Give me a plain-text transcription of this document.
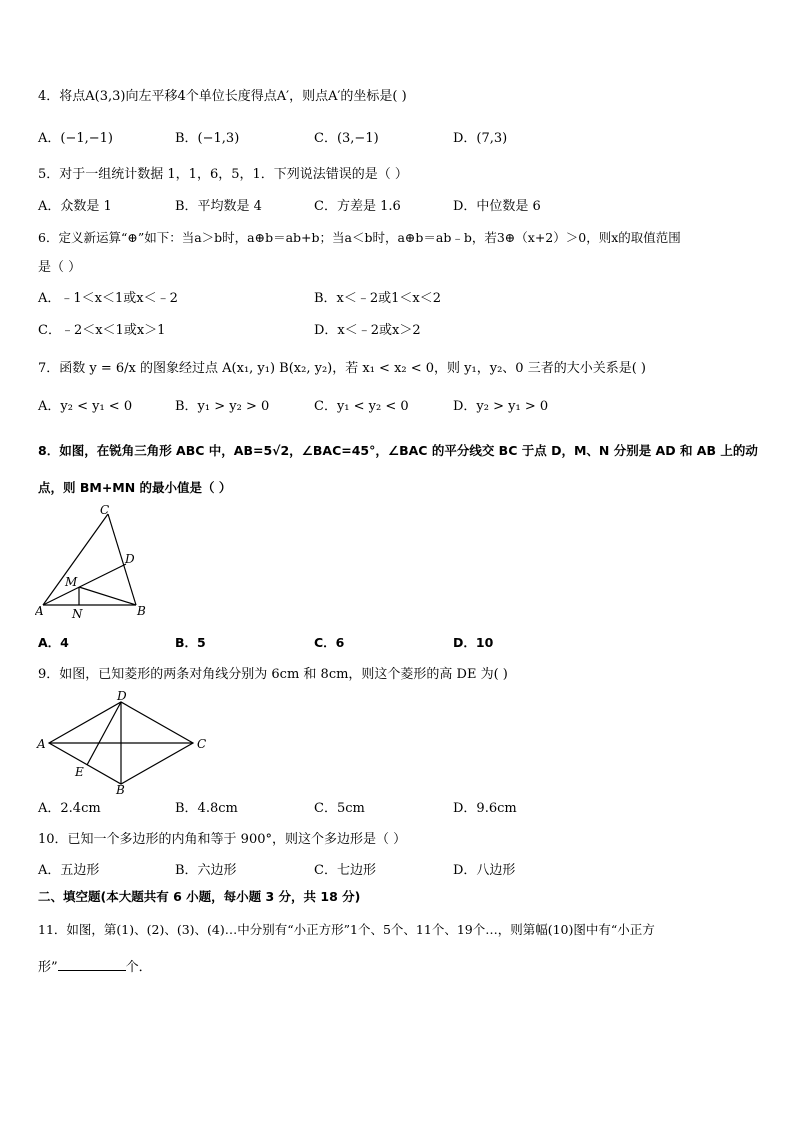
4．将点A(3,3)向左平移4个单位长度得点A′，则点A′的坐标是( )
A．(−1,−1)	B．(−1,3)	C．(3,−1)	D．(7,3)
5．对于一组统计数据 1，1，6，5，1．下列说法错误的是（ ）
A．众数是 1	B．平均数是 4	C．方差是 1.6	D．中位数是 6
6．定义新运算“⊕”如下：当a＞b时，a⊕b＝ab+b；当a＜b时，a⊕b＝ab﹣b，若3⊕（x+2）＞0，则x的取值范围
是（ ）
A．﹣1＜x＜1或x＜﹣2	B．x＜﹣2或1＜x＜2
C．﹣2＜x＜1或x＞1	D．x＜﹣2或x＞2
7．函数 y = 6/x 的图象经过点 A(x₁, y₁) B(x₂, y₂)，若 x₁ < x₂ < 0，则 y₁，y₂、0 三者的大小关系是( )
A．y₂ < y₁ < 0	B．y₁ > y₂ > 0	C．y₁ < y₂ < 0	D．y₂ > y₁ > 0
8．如图，在锐角三角形 ABC 中，AB=5√2，∠BAC=45°，∠BAC 的平分线交 BC 于点 D，M、N 分别是 AD 和 AB 上的动
点，则 BM+MN 的最小值是（ ）
C
D
M
A N	B
A．4	B．5	C．6	D．10
9．如图，已知菱形的两条对角线分别为 6cm 和 8cm，则这个菱形的高 DE 为( )
D
A	C
E
B
A．2.4cm	B．4.8cm	C．5cm	D．9.6cm
10．已知一个多边形的内角和等于 900°，则这个多边形是（ ）
A．五边形	B．六边形	C．七边形	D．八边形
二、填空题(本大题共有 6 小题，每小题 3 分，共 18 分)
11．如图，第(1)、(2)、(3)、(4)…中分别有“小正方形”1个、5个、11个、19个…，则第幅(10)图中有“小正方
形”	个．
